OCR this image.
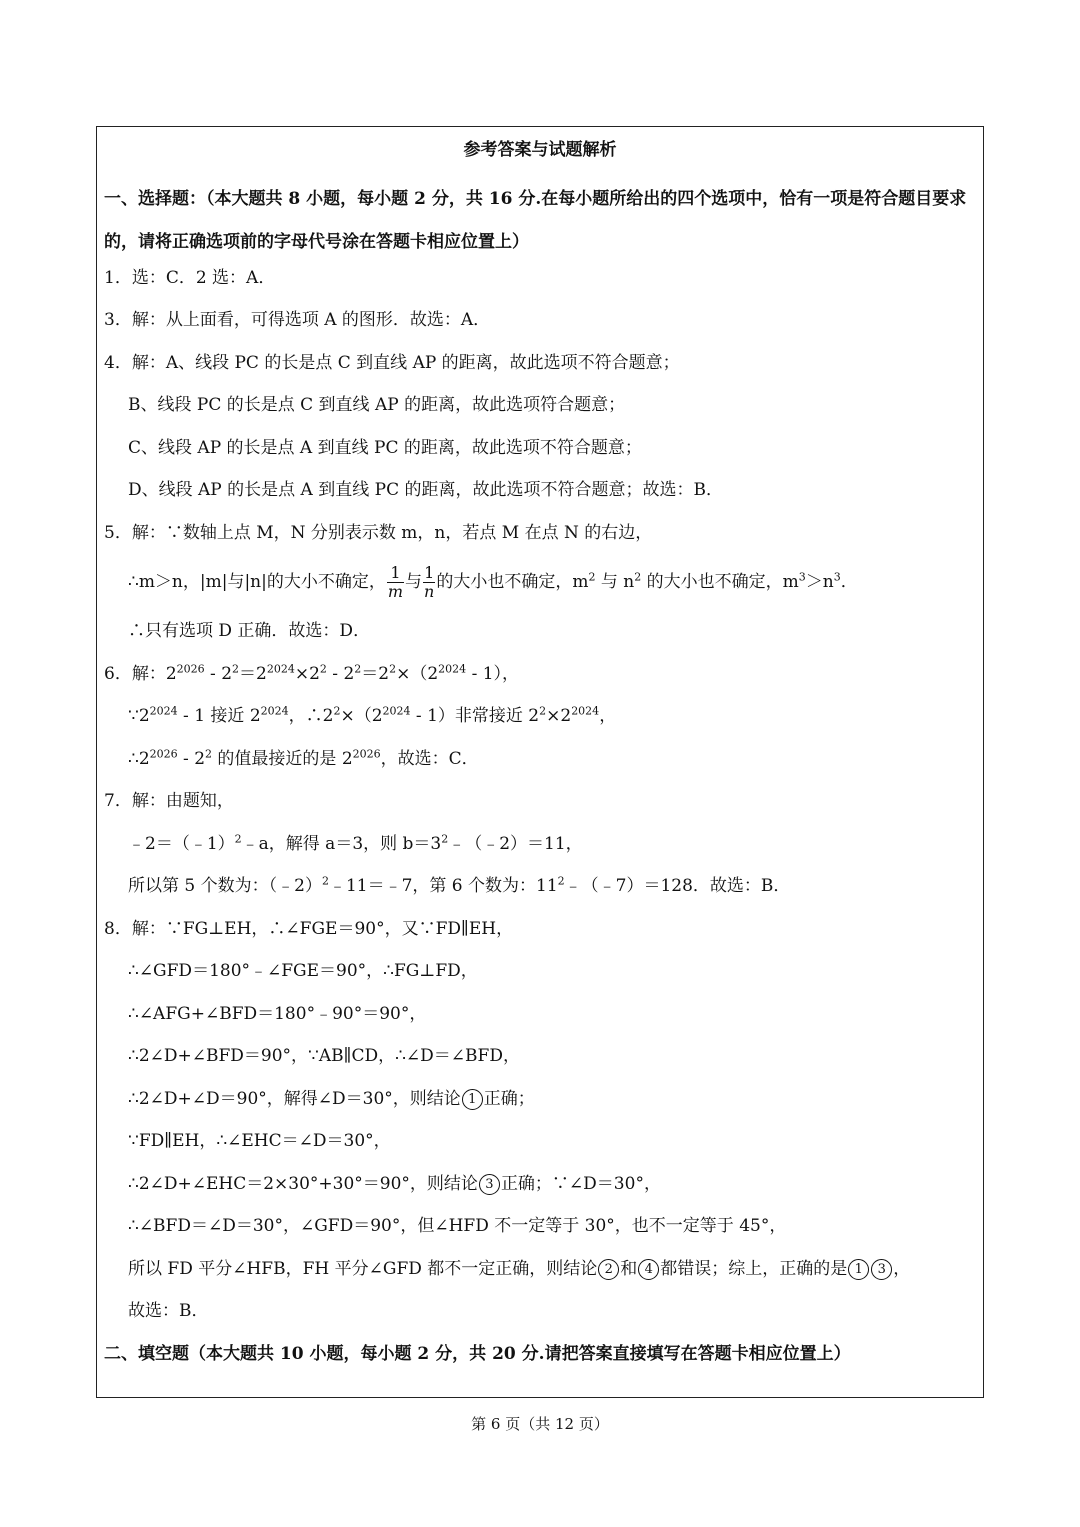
参考答案与试题解析
一、选择题：（本大题共 8 小题，每小题 2 分，共 16 分.在每小题所给出的四个选项中，恰有一项是符合题目要求的，请将正确选项前的字母代号涂在答题卡相应位置上）
1．选：C．2 选：A．
3．解：从上面看，可得选项 A 的图形．故选：A．
4．解：A、线段 PC 的长是点 C 到直线 AP 的距离，故此选项不符合题意；
B、线段 PC 的长是点 C 到直线 AP 的距离，故此选项符合题意；
C、线段 AP 的长是点 A 到直线 PC 的距离，故此选项不符合题意；
D、线段 AP 的长是点 A 到直线 PC 的距离，故此选项不符合题意；故选：B．
5．解：∵数轴上点 M，N 分别表示数 m，n，若点 M 在点 N 的右边，
∴m＞n，|m|与|n|的大小不确定， $\frac{1}{m}$ 与 $\frac{1}{n}$ 的大小也不确定，$m^2$ 与 $n^2$ 的大小也不确定，$m^3>n^3$．
∴只有选项 D 正确．故选：D．
6．解：$2^{2026} - 2^2=2^{2024}\times 2^2 - 2^2=2^2\times(2^{2024} - 1)$，
$\because 2^{2024} - 1$ 接近 $2^{2024}$，$\therefore 2^2\times(2^{2024} - 1)$非常接近 $2^2\times 2^{2024}$，
$\therefore 2^{2026} - 2^2$ 的值最接近的是 $2^{2026}$，故选：C．
7．解：由题知，
﹣2＝（﹣1）$^2$﹣a，解得 a＝3，则 $b=3^2﹣(﹣2)=11$，
所以第 5 个数为：（﹣2）$^2$﹣11＝﹣7，第 6 个数为：$11^2﹣(﹣7)=128$．故选：B．
8．解：∵FG⊥EH，∴∠FGE＝90°，又∵FD∥EH，
∴∠GFD＝180°﹣∠FGE＝90°，∴FG⊥FD，
∴∠AFG+∠BFD＝180°﹣90°＝90°，
∴2∠D+∠BFD＝90°，∵AB∥CD，∴∠D＝∠BFD，
∴2∠D+∠D＝90°，解得∠D＝30°，则结论 1 正确；
∵FD∥EH，∴∠EHC＝∠D＝30°，
∴2∠D+∠EHC＝2×30°+30°＝90°，则结论 3 正确；∵∠D＝30°，
∴∠BFD＝∠D＝30°，∠GFD＝90°，但∠HFD 不一定等于 30°，也不一定等于 45°，
所以 FD 平分∠HFB，FH 平分∠GFD 都不一定正确，则结论 2 和 4 都错误；综上，正确的是 1 3 ，
故选：B．
二、填空题（本大题共 10 小题，每小题 2 分，共 20 分.请把答案直接填写在答题卡相应位置上）
第 6 页（共 12 页）
